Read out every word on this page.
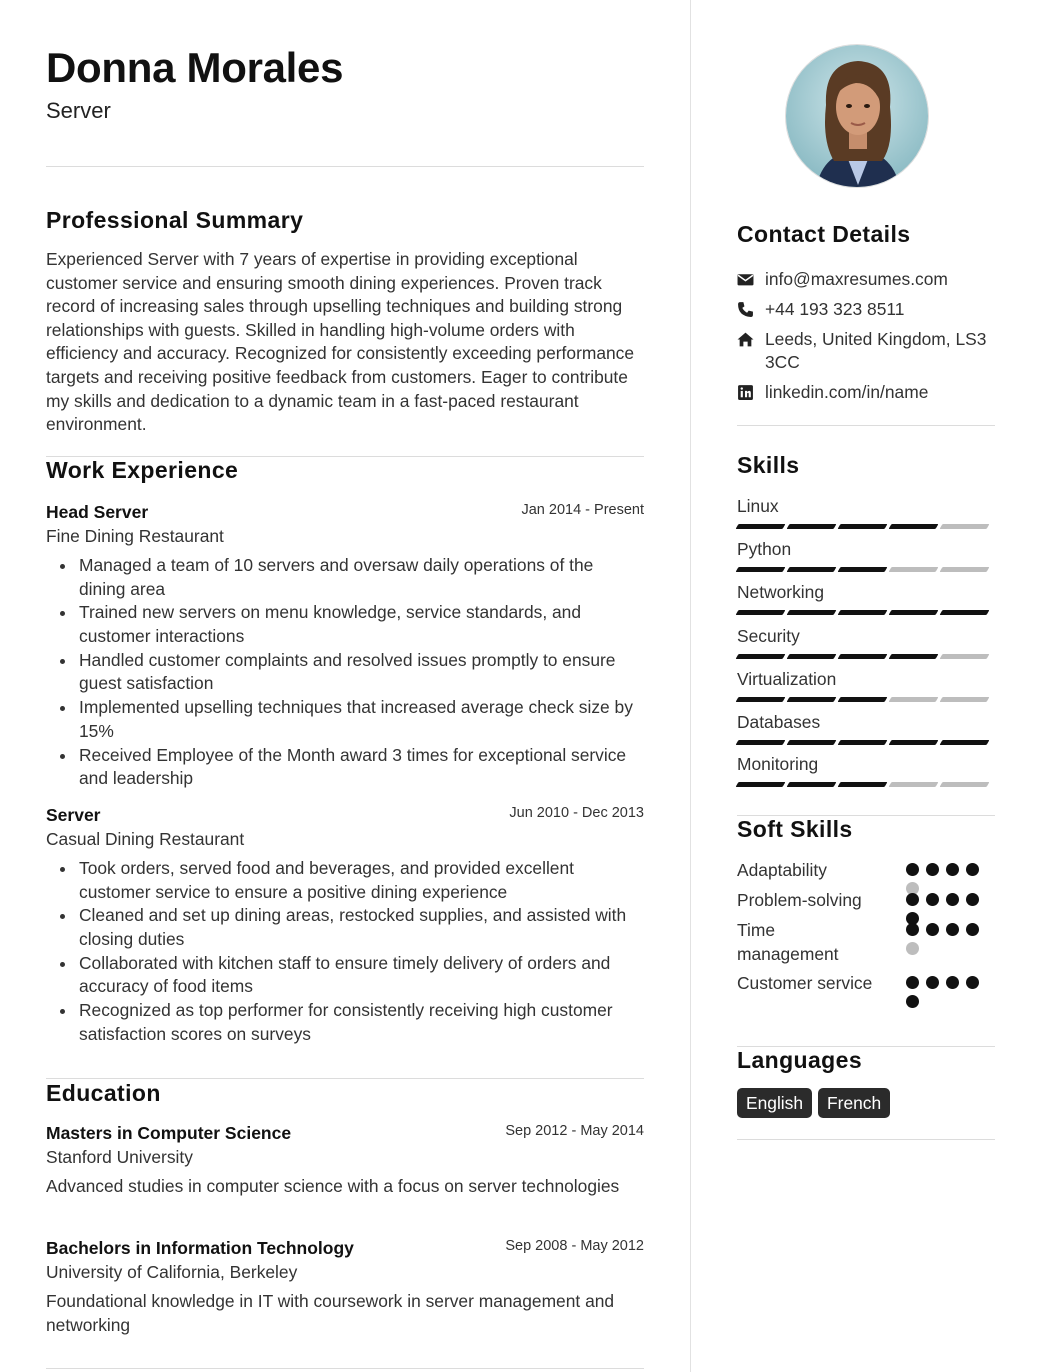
Donna Morales
Server
Professional Summary
Experienced Server with 7 years of expertise in providing exceptional customer service and ensuring smooth dining experiences. Proven track record of increasing sales through upselling techniques and building strong relationships with guests. Skilled in handling high-volume orders with efficiency and accuracy. Recognized for consistently exceeding performance targets and receiving positive feedback from customers. Eager to contribute my skills and dedication to a dynamic team in a fast-paced restaurant environment.
Work Experience
Head Server	Jan 2014 - Present
Fine Dining Restaurant
Managed a team of 10 servers and oversaw daily operations of the dining area
Trained new servers on menu knowledge, service standards, and customer interactions
Handled customer complaints and resolved issues promptly to ensure guest satisfaction
Implemented upselling techniques that increased average check size by 15%
Received Employee of the Month award 3 times for exceptional service and leadership
Server	Jun 2010 - Dec 2013
Casual Dining Restaurant
Took orders, served food and beverages, and provided excellent customer service to ensure a positive dining experience
Cleaned and set up dining areas, restocked supplies, and assisted with closing duties
Collaborated with kitchen staff to ensure timely delivery of orders and accuracy of food items
Recognized as top performer for consistently receiving high customer satisfaction scores on surveys
Education
Masters in Computer Science	Sep 2012 - May 2014
Stanford University
Advanced studies in computer science with a focus on server technologies
Bachelors in Information Technology	Sep 2008 - May 2012
University of California, Berkeley
Foundational knowledge in IT with coursework in server management and networking
Contact Details
info@maxresumes.com
+44 193 323 8511
Leeds, United Kingdom, LS3 3CC
linkedin.com/in/name
Skills
Linux
Python
Networking
Security
Virtualization
Databases
Monitoring
Soft Skills
Adaptability
Problem-solving
Time management
Customer service
Languages
English	French
